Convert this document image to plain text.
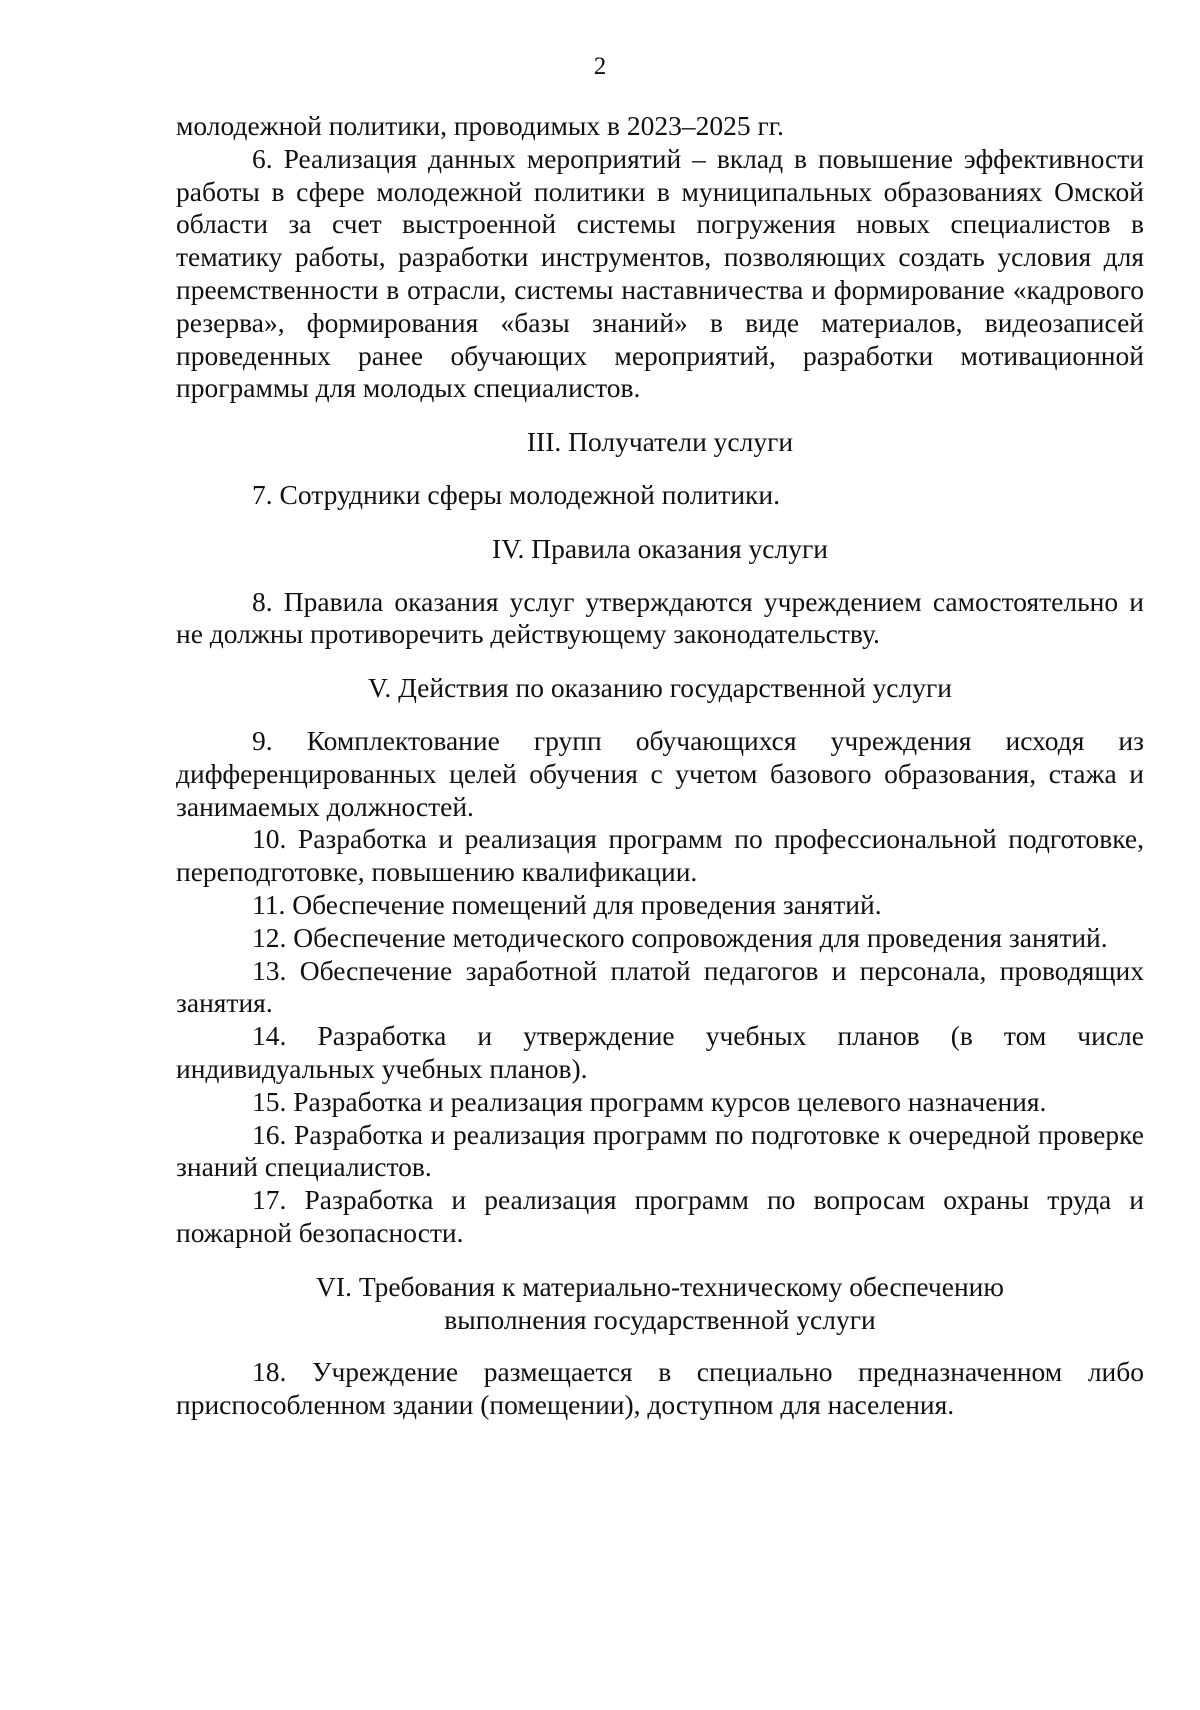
2

молодежной политики, проводимых в 2023–2025 гг.

6. Реализация данных мероприятий – вклад в повышение эффективности работы в сфере молодежной политики в муниципальных образованиях Омской области за счет выстроенной системы погружения новых специалистов в тематику работы, разработки инструментов, позволяющих создать условия для преемственности в отрасли, системы наставничества и формирование «кадрового резерва», формирования «базы знаний» в виде материалов, видеозаписей проведенных ранее обучающих мероприятий, разработки мотивационной программы для молодых специалистов.

III. Получатели услуги

7. Сотрудники сферы молодежной политики.

IV. Правила оказания услуги

8. Правила оказания услуг утверждаются учреждением самостоятельно и не должны противоречить действующему законодательству.

V. Действия по оказанию государственной услуги

9. Комплектование групп обучающихся учреждения исходя из дифференцированных целей обучения с учетом базового образования, стажа и занимаемых должностей.

10. Разработка и реализация программ по профессиональной подготовке, переподготовке, повышению квалификации.

11. Обеспечение помещений для проведения занятий.

12. Обеспечение методического сопровождения для проведения занятий.

13. Обеспечение заработной платой педагогов и персонала, проводящих занятия.

14. Разработка и утверждение учебных планов (в том числе индивидуальных учебных планов).

15. Разработка и реализация программ курсов целевого назначения.

16. Разработка и реализация программ по подготовке к очередной проверке знаний специалистов.

17. Разработка и реализация программ по вопросам охраны труда и пожарной безопасности.

VI. Требования к материально-техническому обеспечению
выполнения государственной услуги

18. Учреждение размещается в специально предназначенном либо приспособленном здании (помещении), доступном для населения.
